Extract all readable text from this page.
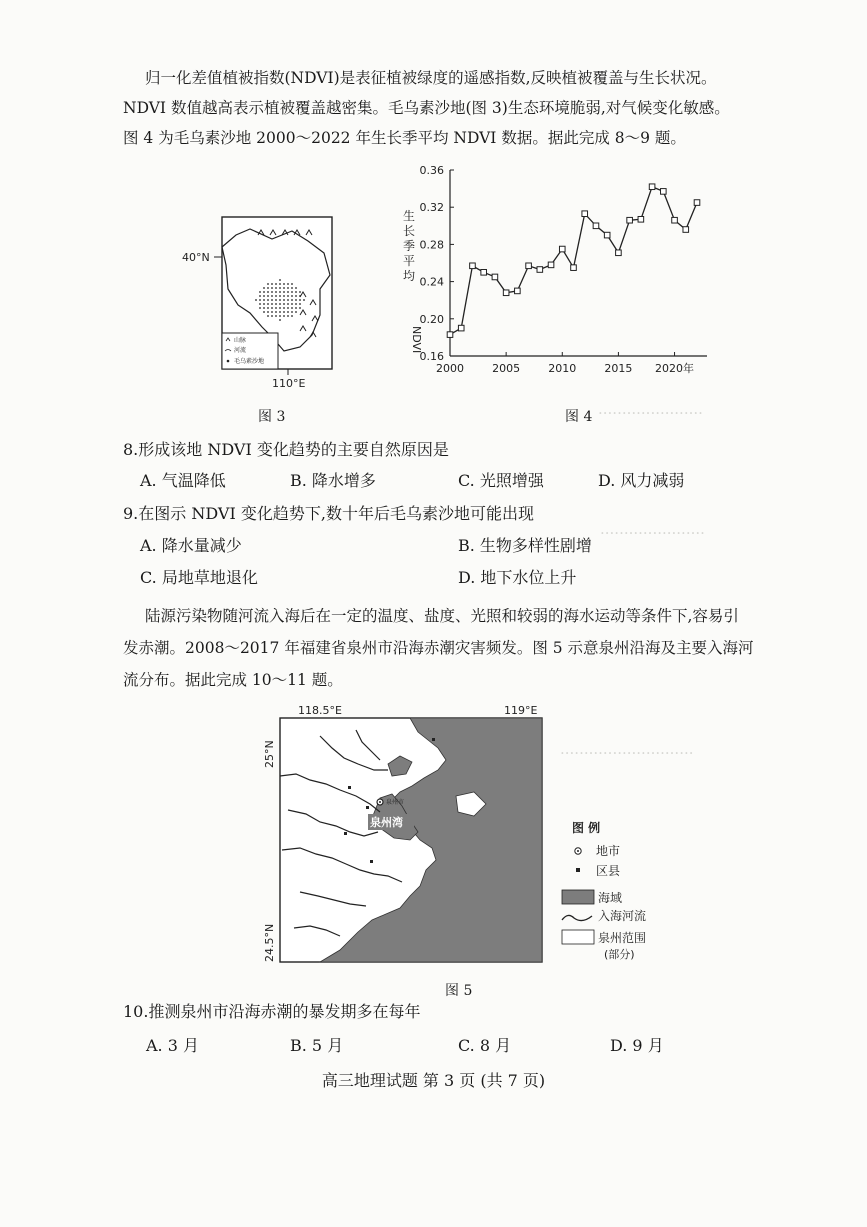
......................
......................
............................
归一化差值植被指数(NDVI)是表征植被绿度的遥感指数,反映植被覆盖与生长状况。
NDVI 数值越高表示植被覆盖越密集。毛乌素沙地(图 3)生态环境脆弱,对气候变化敏感。
图 4 为毛乌素沙地 2000～2022 年生长季平均 NDVI 数据。据此完成 8～9 题。
山脉
河流
毛乌素沙地
40°N
110°E
图 3
生
长
季
平
均
NDVI
0.16
0.20
0.24
0.28
0.32
0.36
2000	2005	2010	2015 2020年
图 4
8.形成该地 NDVI 变化趋势的主要自然原因是
A. 气温降低	B. 降水增多	C. 光照增强	D. 风力减弱
9.在图示 NDVI 变化趋势下,数十年后毛乌素沙地可能出现
A. 降水量减少	B. 生物多样性剧增
C. 局地草地退化	D. 地下水位上升
陆源污染物随河流入海后在一定的温度、盐度、光照和较弱的海水运动等条件下,容易引
发赤潮。2008～2017 年福建省泉州市沿海赤潮灾害频发。图 5 示意泉州沿海及主要入海河
流分布。据此完成 10～11 题。
118.5°E	119°E
25°N
24.5°N
泉州市
泉州湾	图 例
地市
区县
海域
入海河流
泉州范围
(部分)
图 5
10.推测泉州市沿海赤潮的暴发期多在每年
A. 3 月	B. 5 月	C. 8 月	D. 9 月
高三地理试题 第 3 页 (共 7 页)
